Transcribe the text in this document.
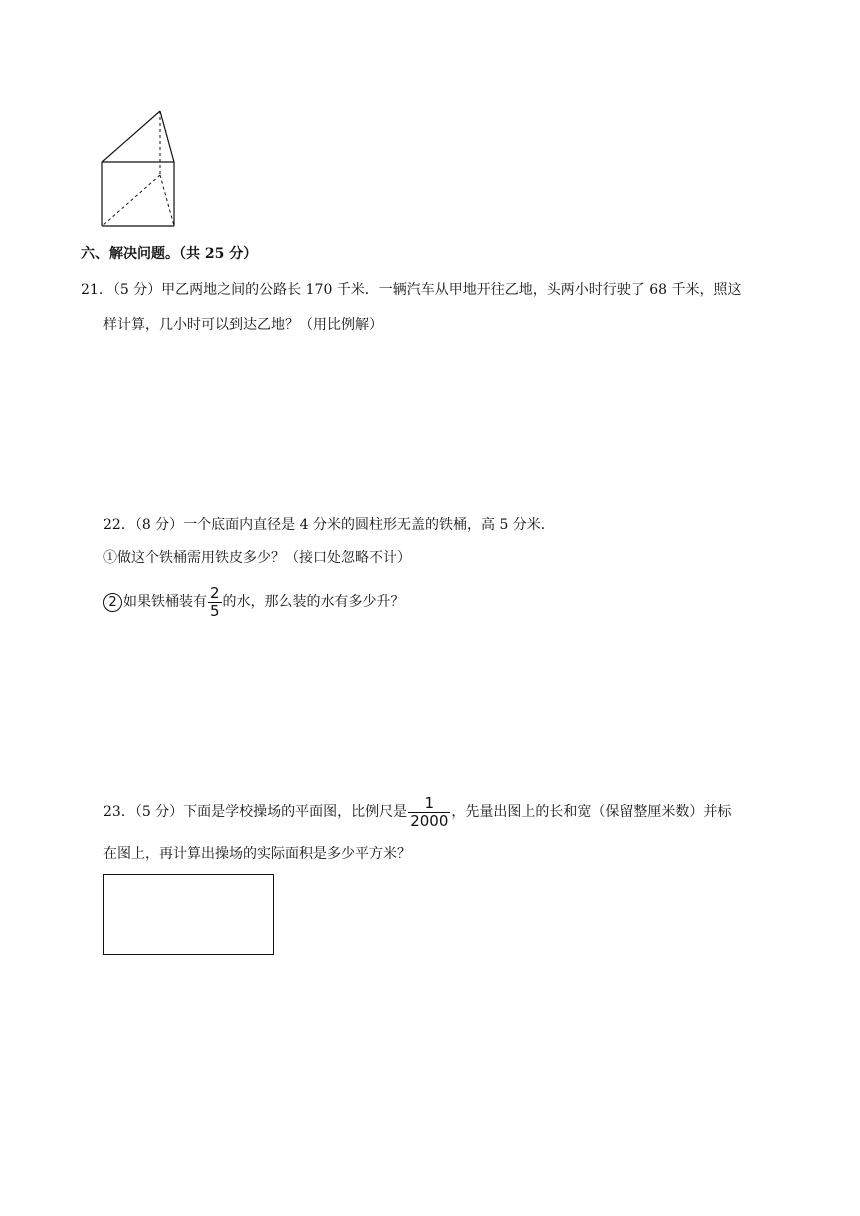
六、解决问题。（共 25 分）
21．（5 分）甲乙两地之间的公路长 170 千米．一辆汽车从甲地开往乙地，头两小时行驶了 68 千米，照这
样计算，几小时可以到达乙地？（用比例解）
22．（8 分）一个底面内直径是 4 分米的圆柱形无盖的铁桶，高 5 分米．
①做这个铁桶需用铁皮多少？（接口处忽略不计）
2 如果铁桶装有 $\frac{2}{5}$ 的水，那么装的水有多少升？
23．（5 分）下面是学校操场的平面图，比例尺是 $\frac{1}{2000}$ ，先量出图上的长和宽（保留整厘米数）并标
在图上，再计算出操场的实际面积是多少平方米？
